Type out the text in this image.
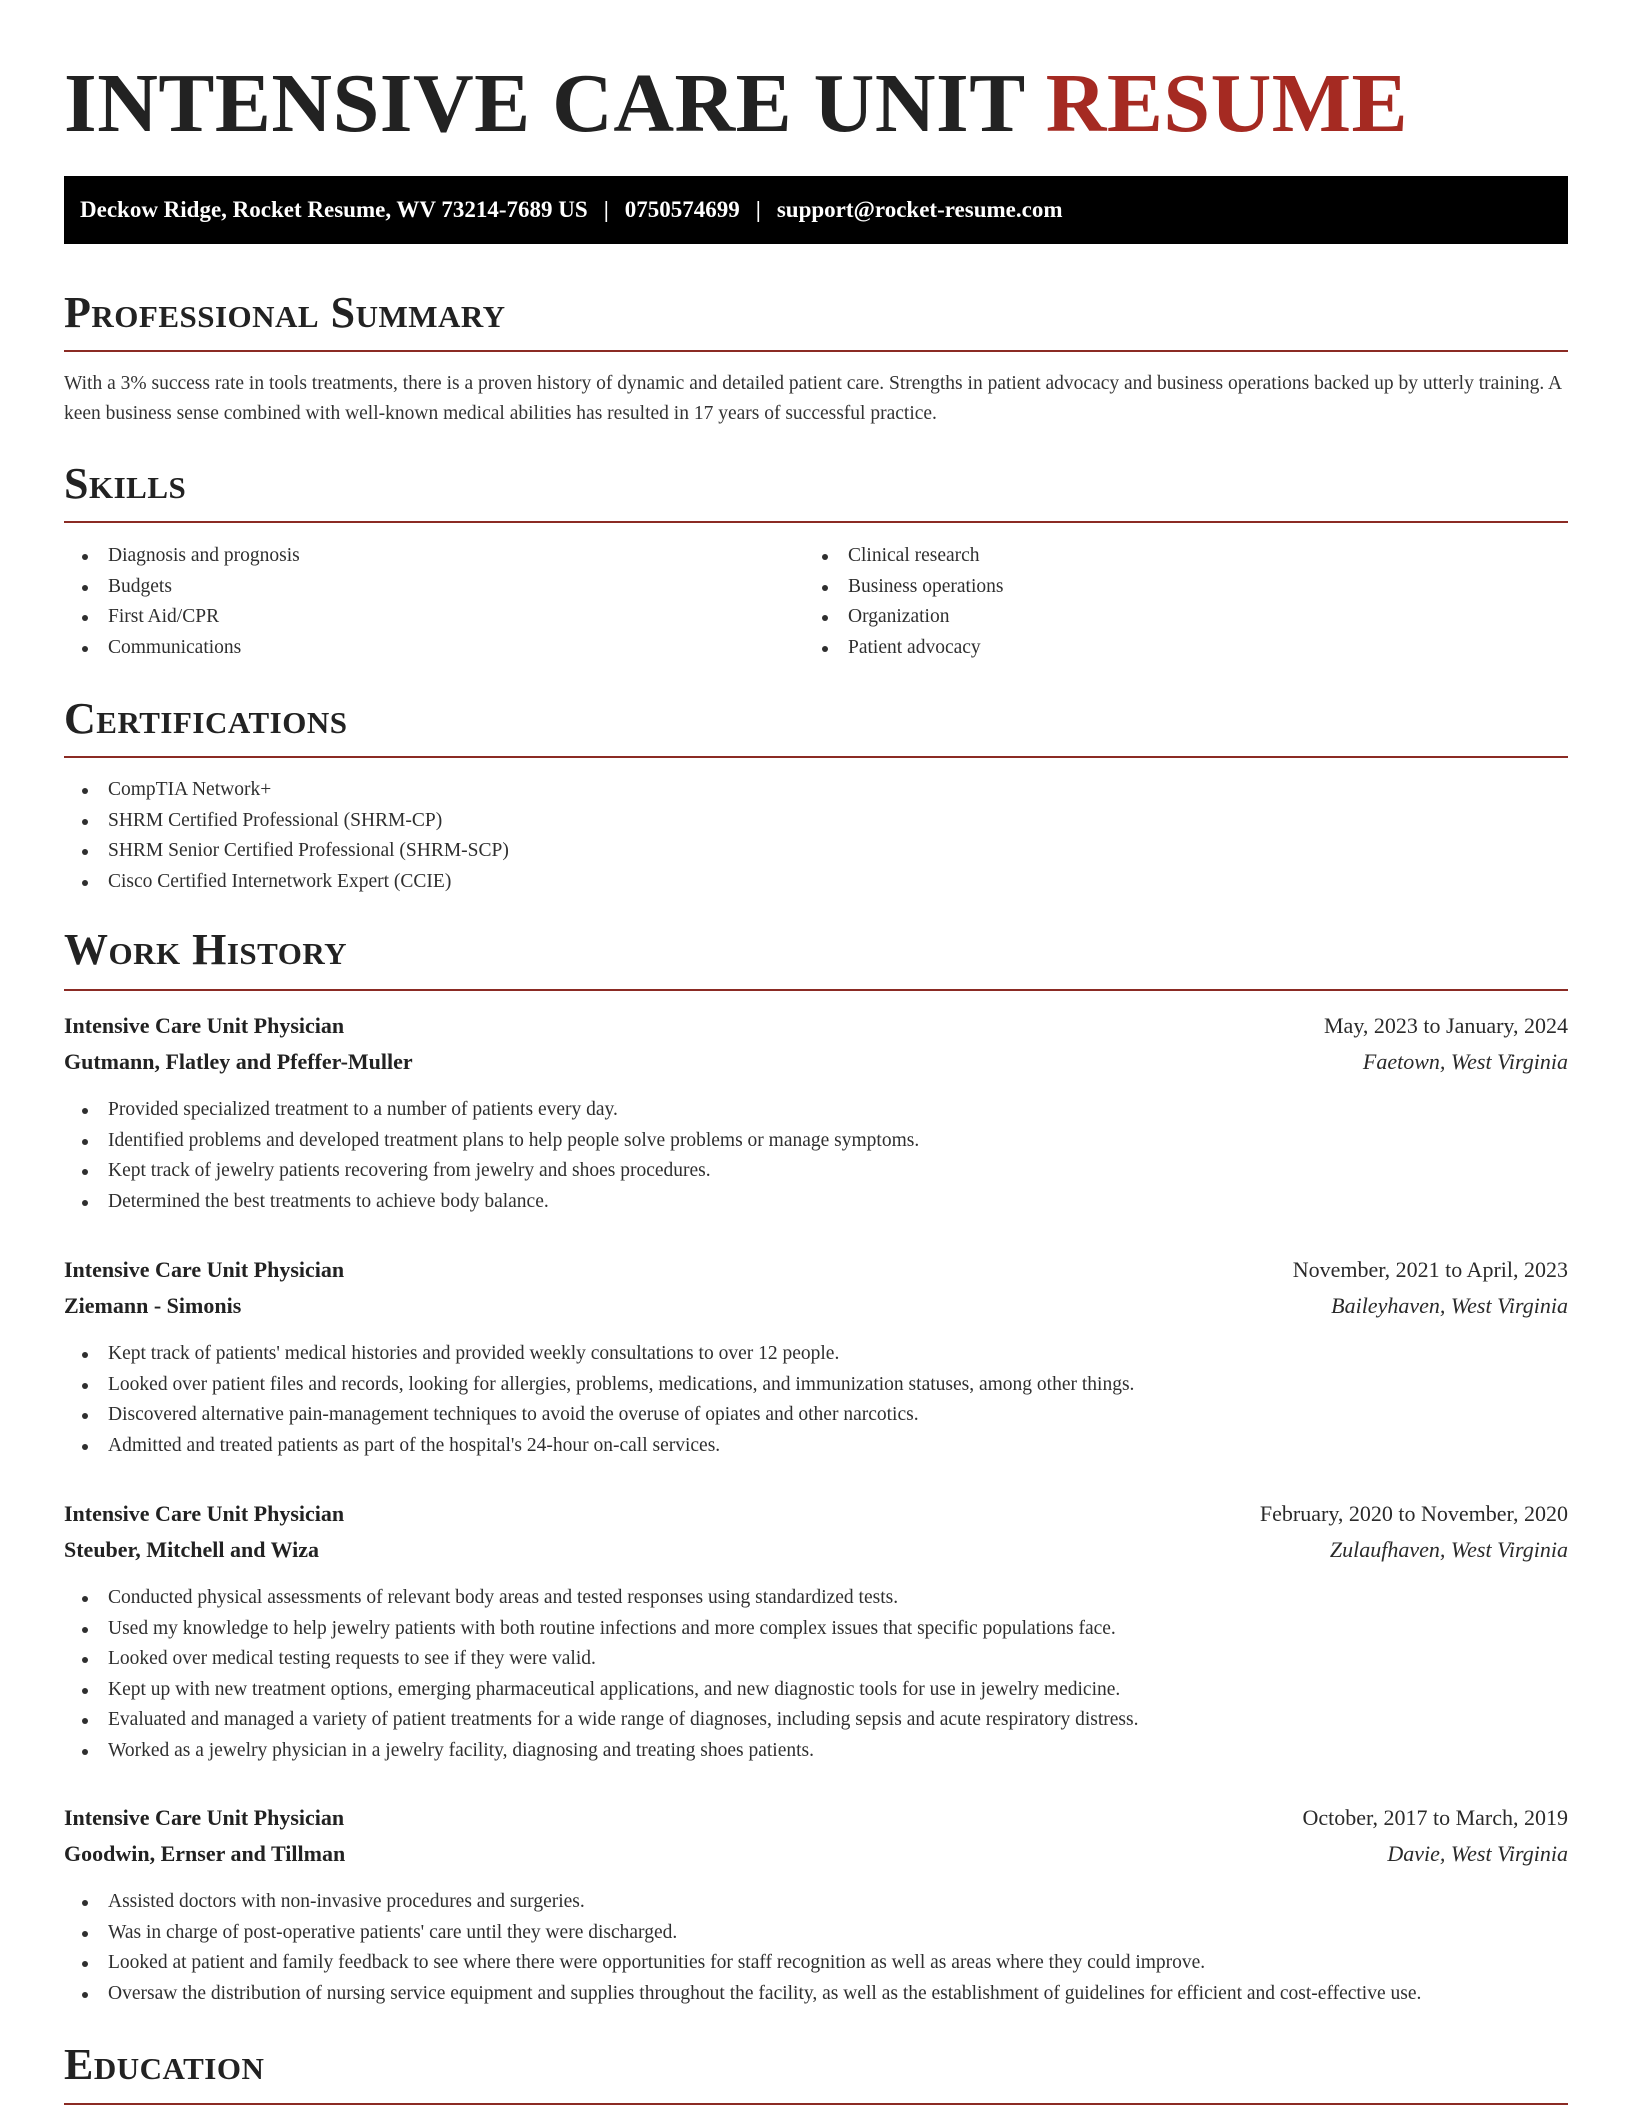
INTENSIVE CARE UNIT RESUME
Deckow Ridge, Rocket Resume, WV 73214-7689 US | 0750574699 | support@rocket-resume.com
Professional Summary

With a 3% success rate in tools treatments, there is a proven history of dynamic and detailed patient care. Strengths in patient advocacy and business operations backed up by utterly training. A keen business sense combined with well-known medical abilities has resulted in 17 years of successful practice.

Skills
Diagnosis and prognosis
Budgets
First Aid/CPR
Communications
Clinical research
Business operations
Organization
Patient advocacy
Certifications
CompTIA Network+
SHRM Certified Professional (SHRM-CP)
SHRM Senior Certified Professional (SHRM-SCP)
Cisco Certified Internetwork Expert (CCIE)
Work History
Intensive Care Unit Physician	May, 2023 to January, 2024
Gutmann, Flatley and Pfeffer-Muller	Faetown, West Virginia
Provided specialized treatment to a number of patients every day.
Identified problems and developed treatment plans to help people solve problems or manage symptoms.
Kept track of jewelry patients recovering from jewelry and shoes procedures.
Determined the best treatments to achieve body balance.
Intensive Care Unit Physician	November, 2021 to April, 2023
Ziemann - Simonis	Baileyhaven, West Virginia
Kept track of patients' medical histories and provided weekly consultations to over 12 people.
Looked over patient files and records, looking for allergies, problems, medications, and immunization statuses, among other things.
Discovered alternative pain-management techniques to avoid the overuse of opiates and other narcotics.
Admitted and treated patients as part of the hospital's 24-hour on-call services.
Intensive Care Unit Physician	February, 2020 to November, 2020
Steuber, Mitchell and Wiza	Zulaufhaven, West Virginia
Conducted physical assessments of relevant body areas and tested responses using standardized tests.
Used my knowledge to help jewelry patients with both routine infections and more complex issues that specific populations face.
Looked over medical testing requests to see if they were valid.
Kept up with new treatment options, emerging pharmaceutical applications, and new diagnostic tools for use in jewelry medicine.
Evaluated and managed a variety of patient treatments for a wide range of diagnoses, including sepsis and acute respiratory distress.
Worked as a jewelry physician in a jewelry facility, diagnosing and treating shoes patients.
Intensive Care Unit Physician	October, 2017 to March, 2019
Goodwin, Ernser and Tillman	Davie, West Virginia
Assisted doctors with non-invasive procedures and surgeries.
Was in charge of post-operative patients' care until they were discharged.
Looked at patient and family feedback to see where there were opportunities for staff recognition as well as areas where they could improve.
Oversaw the distribution of nursing service equipment and supplies throughout the facility, as well as the establishment of guidelines for efficient and cost-effective use.
Education
